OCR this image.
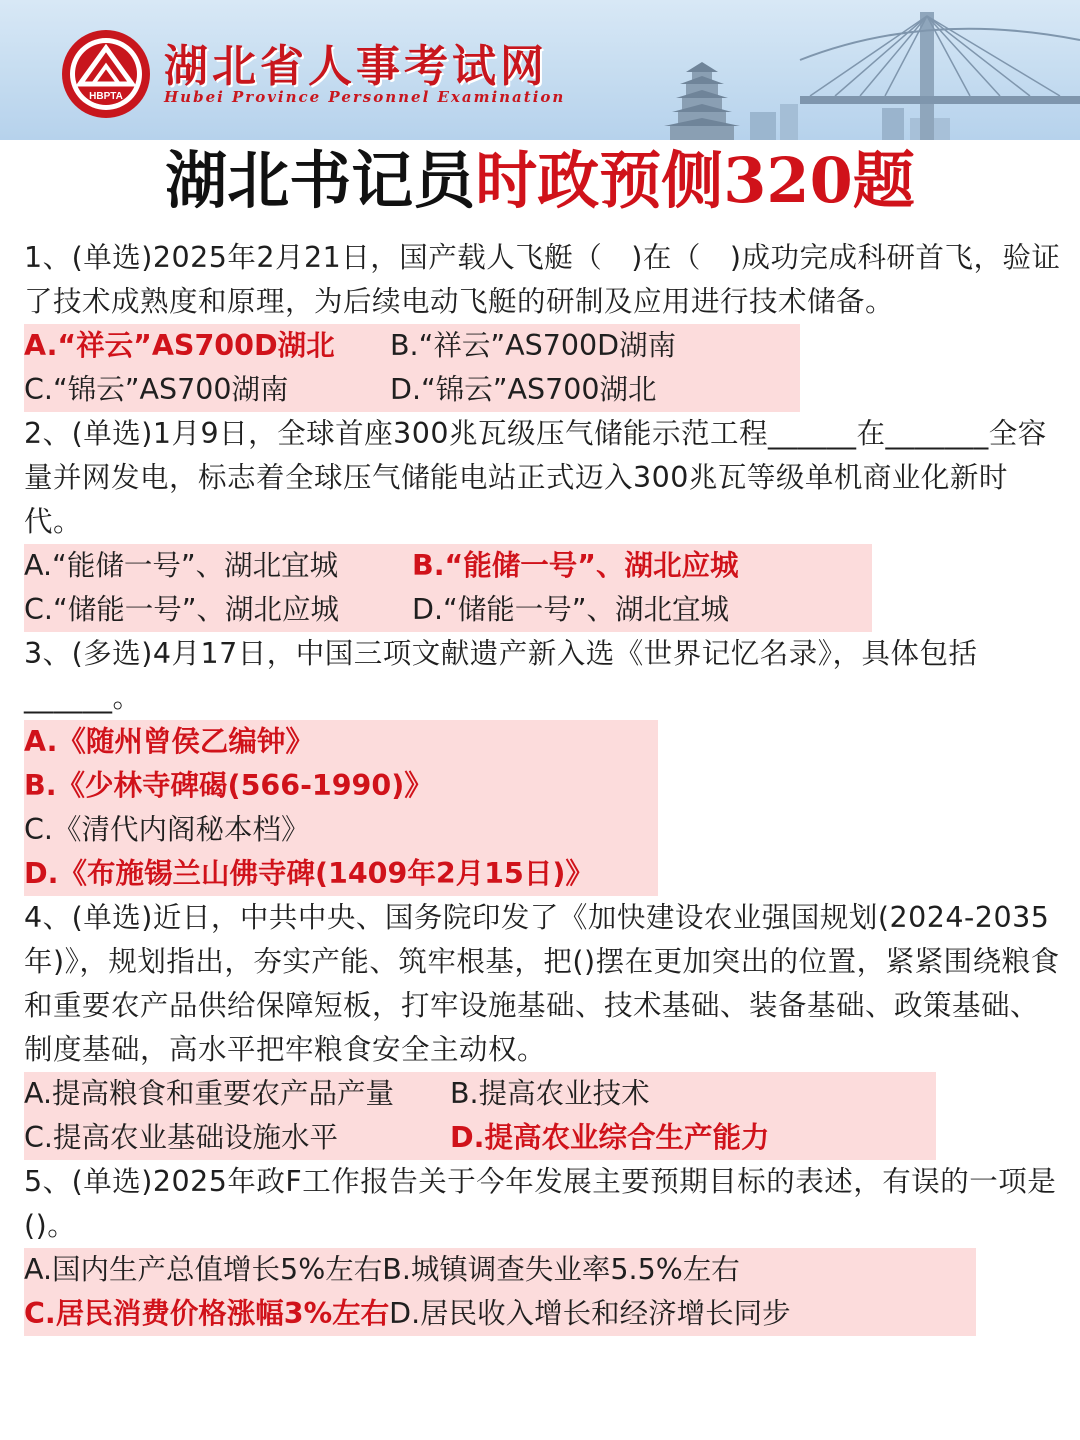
HBPTA
湖北省人事考试网
Hubei Province Personnel Examination
湖北书记员时政预侧320题

1、(单选)2025年2月21日，国产载人飞艇（　)在（　)成功完成科研首飞，验证了技术成熟度和原理，为后续电动飞艇的研制及应用进行技术储备。

A.“祥云”AS700D湖北 B.“祥云”AS700D湖南
C.“锦云”AS700湖南	D.“锦云”AS700湖北

2、(单选)1月9日，全球首座300兆瓦级压气储能示范工程______在_______全容量并网发电，标志着全球压气储能电站正式迈入300兆瓦等级单机商业化新时代。

A.“能储一号”、湖北宜城	B.“能储一号”、湖北应城
C.“储能一号”、湖北应城	D.“储能一号”、湖北宜城

3、(多选)4月17日，中国三项文献遗产新入选《世界记忆名录》，具体包括______。

A.《随州曾侯乙编钟》
B.《少林寺碑碣(566-1990)》
C.《清代内阁秘本档》
D.《布施锡兰山佛寺碑(1409年2月15日)》

4、(单选)近日，中共中央、国务院印发了《加快建设农业强国规划(2024-2035年)》，规划指出，夯实产能、筑牢根基，把()摆在更加突出的位置，紧紧围绕粮食和重要农产品供给保障短板，打牢设施基础、技术基础、装备基础、政策基础、制度基础，高水平把牢粮食安全主动权。

A.提高粮食和重要农产品产量 B.提高农业技术
C.提高农业基础设施水平	D.提高农业综合生产能力

5、(单选)2025年政F工作报告关于今年发展主要预期目标的表述，有误的一项是()。

A.国内生产总值增长5%左右B.城镇调查失业率5.5%左右
C.居民消费价格涨幅3%左右D.居民收入增长和经济增长同步
